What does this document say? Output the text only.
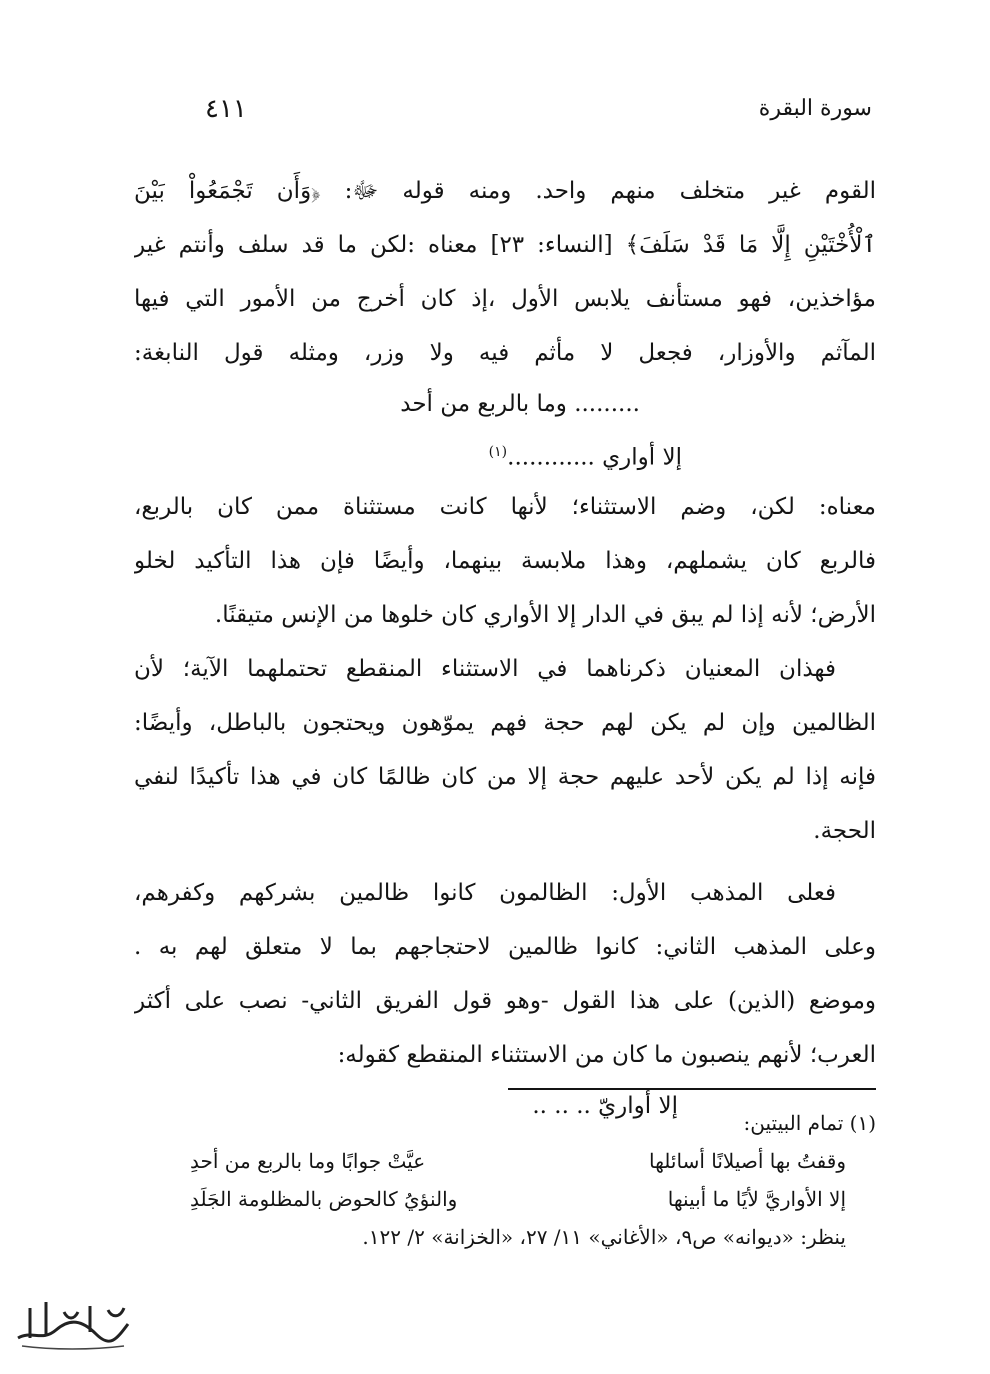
سورة البقرة
٤١١

القوم غير متخلف منهم واحد. ومنه قوله ﷻ: ﴿وَأَن تَجْمَعُواْ بَيْنَ

ٱلْأُخْتَيْنِ إِلَّا مَا قَدْ سَلَفَ﴾ [النساء: ٢٣] معناه :لكن ما قد سلف وأنتم غير

مؤاخذين، فهو مستأنف يلابس الأول ،إذ كان أخرج من الأمور التي فيها

المآثم والأوزار، فجعل لا مأثم فيه ولا وزر، ومثله قول النابغة:

......... وما بالربع من أحد
إلا أواري ............$^{(١)}$

معناه: لكن، وضم الاستثناء؛ لأنها كانت مستثناة ممن كان بالربع،

فالربع كان يشملهم، وهذا ملابسة بينهما، وأيضًا فإن هذا التأكيد لخلو

الأرض؛ لأنه إذا لم يبق في الدار إلا الأواري كان خلوها من الإنس متيقنًا.

فهذان المعنيان ذكرناهما في الاستثناء المنقطع تحتملهما الآية؛ لأن

الظالمين وإن لم يكن لهم حجة فهم يموّهون ويحتجون بالباطل، وأيضًا:

فإنه إذا لم يكن لأحد عليهم حجة إلا من كان ظالمًا كان في هذا تأكيدًا لنفي

الحجة.

فعلى المذهب الأول: الظالمون كانوا ظالمين بشركهم وكفرهم،

وعلى المذهب الثاني: كانوا ظالمين لاحتجاجهم بما لا متعلق لهم به .

وموضع (الذين) على هذا القول -وهو قول الفريق الثاني- نصب على أكثر

العرب؛ لأنهم ينصبون ما كان من الاستثناء المنقطع كقوله:

إلا أواريّ .. .. ..
(١) تمام البيتين:
وقفتُ بها أصيلانًا أسائلها
عيَّتْ جوابًا وما بالربع من أحدِ
إلا الأواريَّ لأيًا ما أبينها
والنؤيُ كالحوض بالمظلومة الجَلَدِ
ينظر: «ديوانه» ص٩، «الأغاني» ١١/ ٢٧، «الخزانة» ٢/ ١٢٢.
